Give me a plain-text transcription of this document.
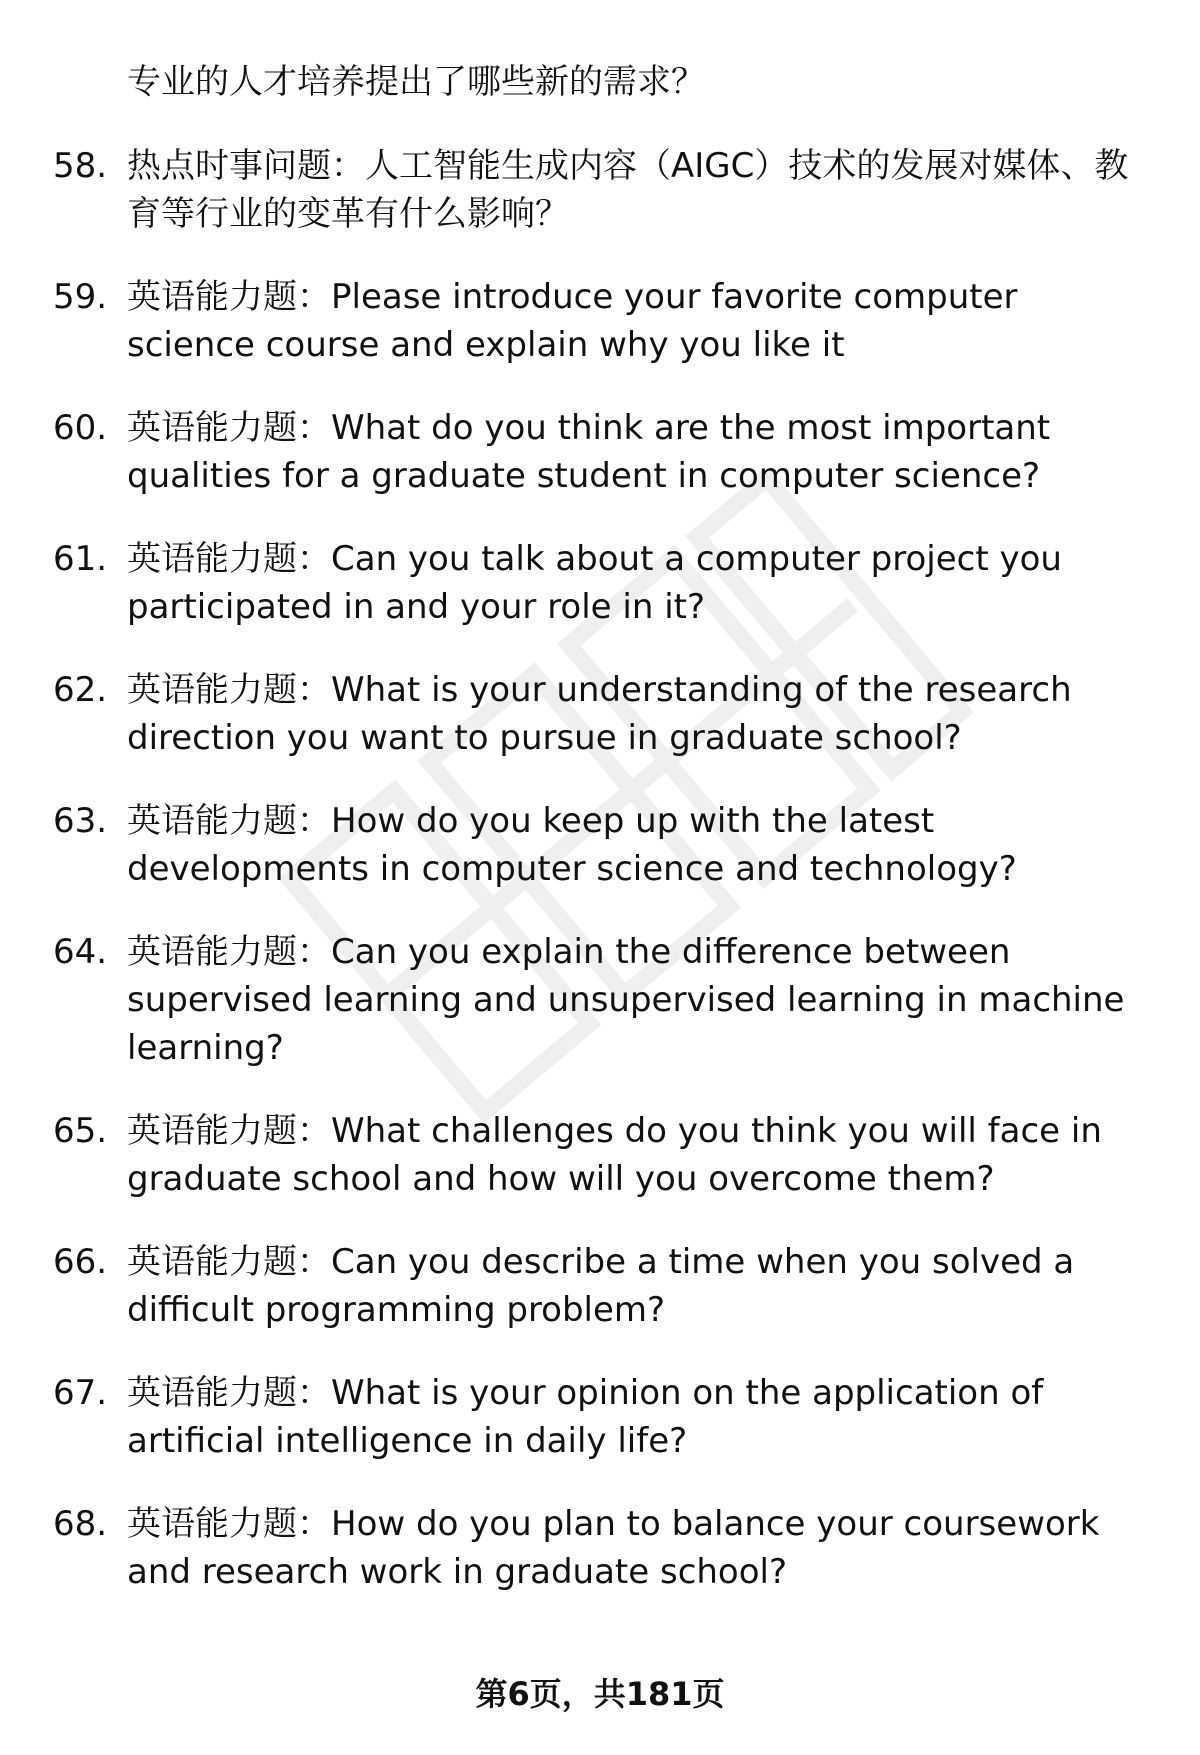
专业的人才培养提出了哪些新的需求？
58. 热点时事问题：人工智能生成内容（AIGC）技术的发展对媒体、教育等行业的变革有什么影响？
59. 英语能力题：Please introduce your favorite computer science course and explain why you like it
60. 英语能力题：What do you think are the most important qualities for a graduate student in computer science?
61. 英语能力题：Can you talk about a computer project you participated in and your role in it?
62. 英语能力题：What is your understanding of the research direction you want to pursue in graduate school?
63. 英语能力题：How do you keep up with the latest developments in computer science and technology?
64. 英语能力题：Can you explain the difference between supervised learning and unsupervised learning in machine learning?
65. 英语能力题：What challenges do you think you will face in graduate school and how will you overcome them?
66. 英语能力题：Can you describe a time when you solved a difficult programming problem?
67. 英语能力题：What is your opinion on the application of artificial intelligence in daily life?
68. 英语能力题：How do you plan to balance your coursework and research work in graduate school?
第6页，共181页
